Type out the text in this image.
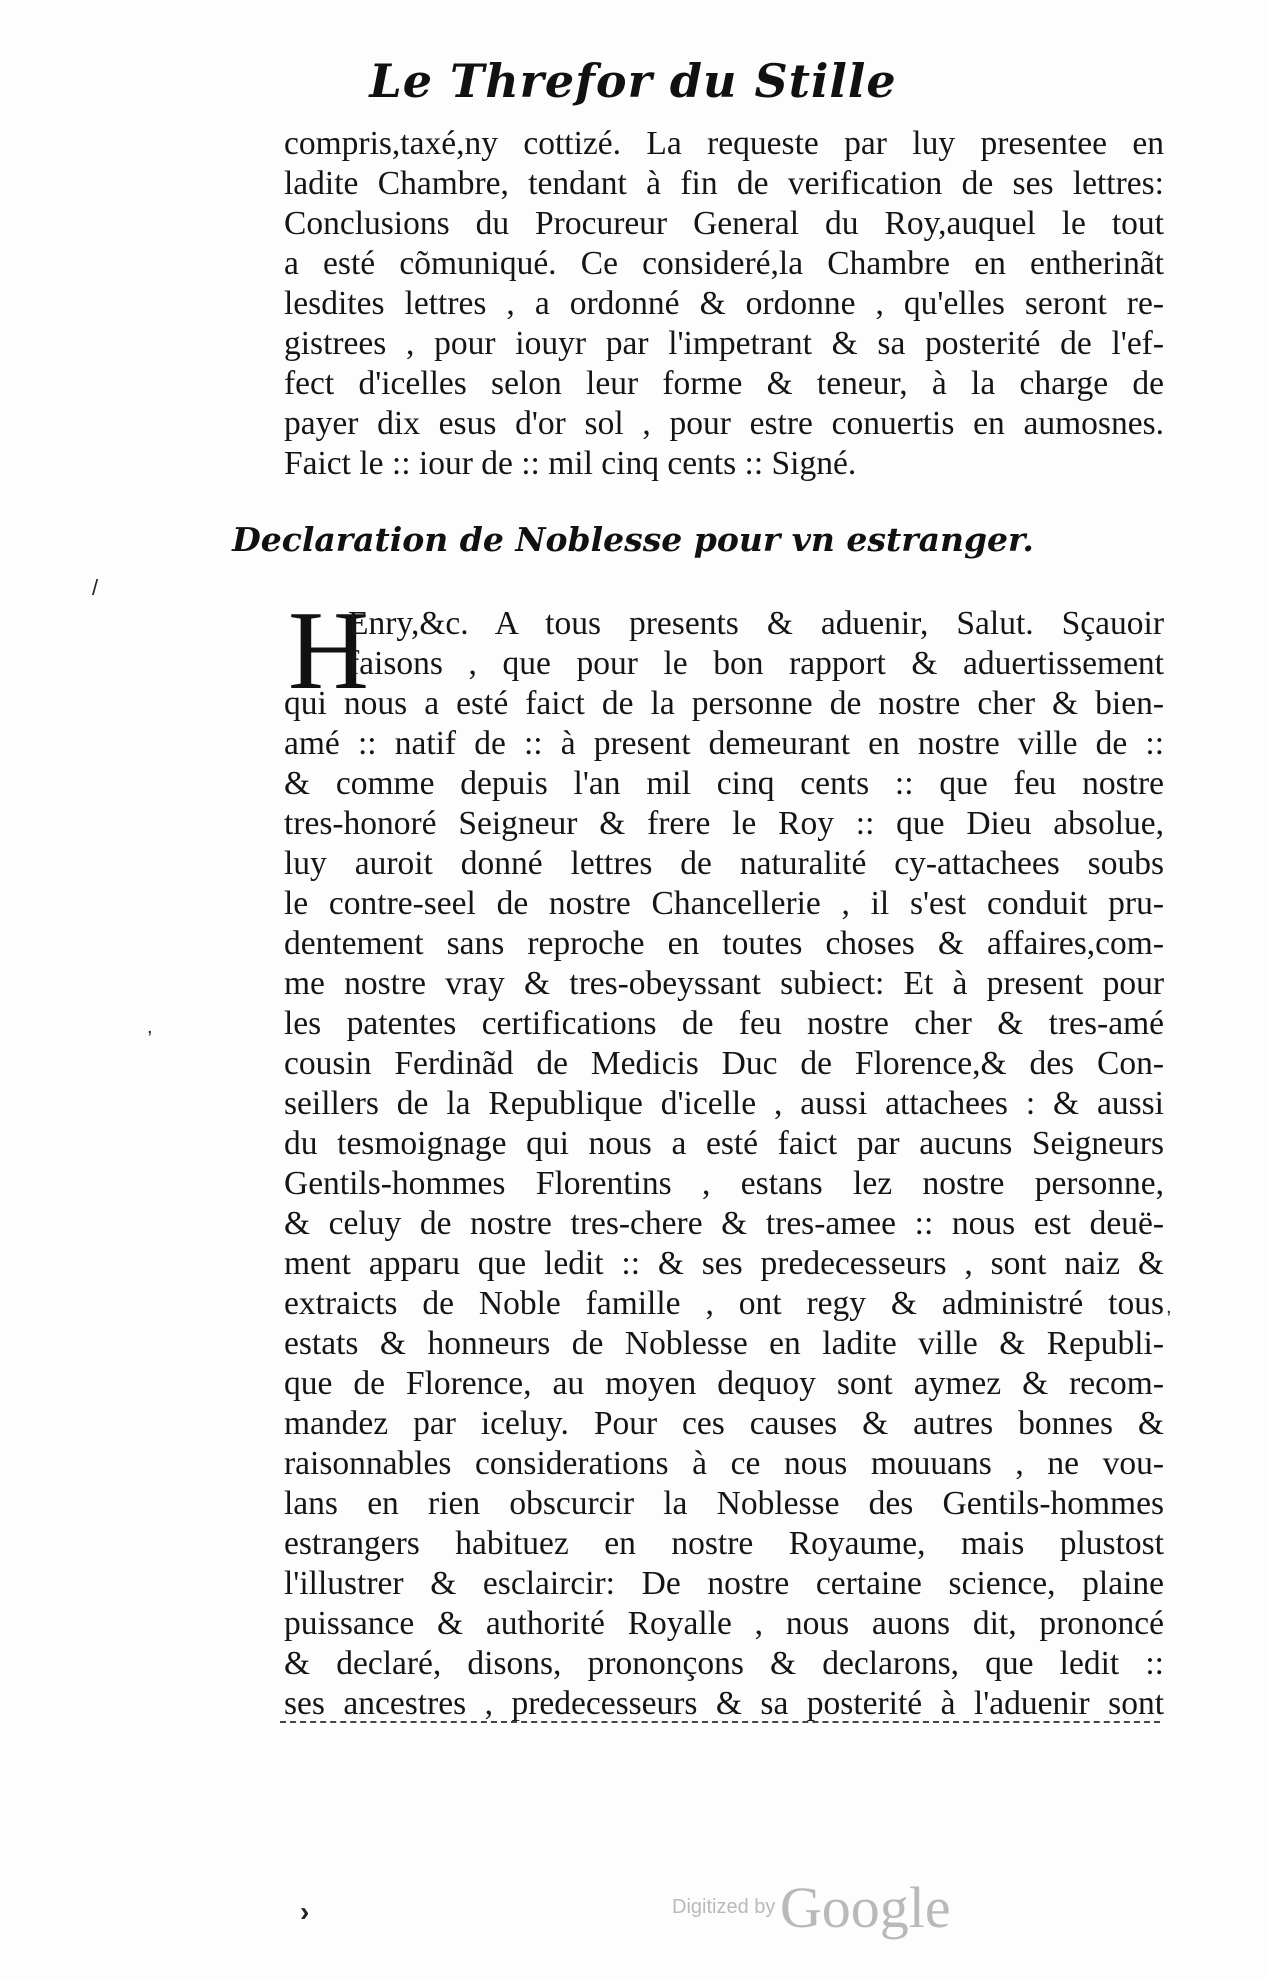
Le Threfor du Stille
compris,taxé,ny cottizé. La requeste par luy presentee en
ladite Chambre, tendant à fin de verification de ses lettres:
Conclusions du Procureur General du Roy,auquel le tout
a esté cõmuniqué. Ce consideré,la Chambre en entherinãt
lesdites lettres , a ordonné & ordonne , qu'elles seront re-
gistrees , pour iouyr par l'impetrant & sa posterité de l'ef-
fect d'icelles selon leur forme & teneur, à la charge de
payer dix esus d'or sol , pour estre conuertis en aumosnes.
Faict le :: iour de :: mil cinq cents :: Signé.
Declaration de Noblesse pour vn estranger.
H
Enry,&c. A tous presents & aduenir, Salut. Sçauoir
faisons , que pour le bon rapport & aduertissement
qui nous a esté faict de la personne de nostre cher & bien-
amé :: natif de :: à present demeurant en nostre ville de ::
& comme depuis l'an mil cinq cents :: que feu nostre
tres-honoré Seigneur & frere le Roy :: que Dieu absolue,
luy auroit donné lettres de naturalité cy-attachees soubs
le contre-seel de nostre Chancellerie , il s'est conduit pru-
dentement sans reproche en toutes choses & affaires,com-
me nostre vray & tres-obeyssant subiect: Et à present pour
les patentes certifications de feu nostre cher & tres-amé
cousin Ferdinãd de Medicis Duc de Florence,& des Con-
seillers de la Republique d'icelle , aussi attachees : & aussi
du tesmoignage qui nous a esté faict par aucuns Seigneurs
Gentils-hommes Florentins , estans lez nostre personne,
& celuy de nostre tres-chere & tres-amee :: nous est deuë-
ment apparu que ledit :: & ses predecesseurs , sont naiz &
extraicts de Noble famille , ont regy & administré tous
estats & honneurs de Noblesse en ladite ville & Republi-
que de Florence, au moyen dequoy sont aymez & recom-
mandez par iceluy. Pour ces causes & autres bonnes &
raisonnables considerations à ce nous mouuans , ne vou-
lans en rien obscurcir la Noblesse des Gentils-hommes
estrangers habituez en nostre Royaume, mais plustost
l'illustrer & esclaircir: De nostre certaine science, plaine
puissance & authorité Royalle , nous auons dit, prononcé
& declaré, disons, prononçons & declarons, que ledit ::
ses ancestres , predecesseurs & sa posterité à l'aduenir sont
/
,
,
›	Digitized by Google
